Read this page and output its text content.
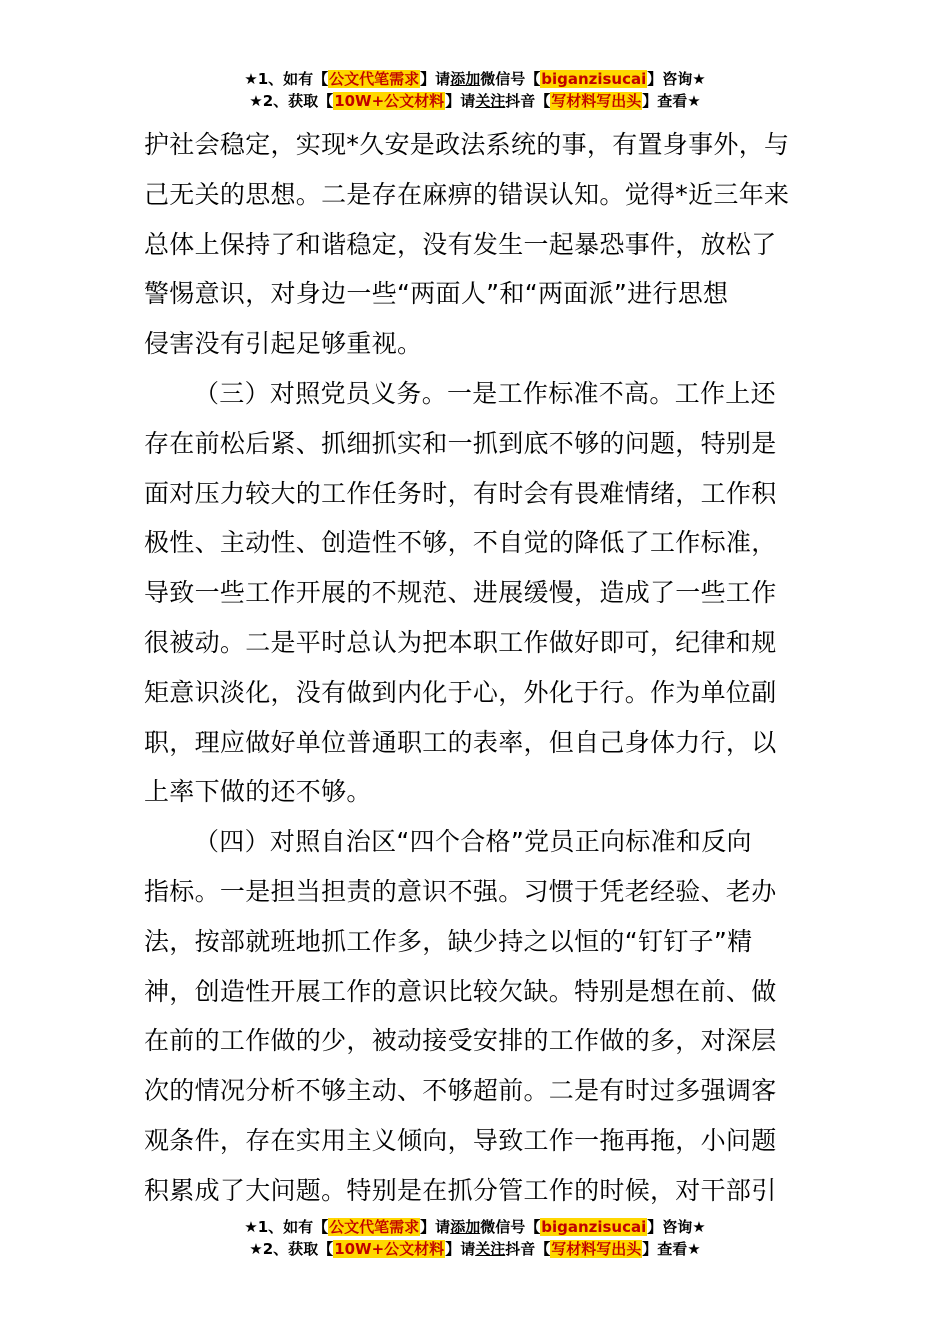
★1、如有【公文代笔需求】请添加微信号【biganzisucai】咨询★
★2、获取【10W+公文材料】请关注抖音【写材料写出头】查看★
护社会稳定，实现*久安是政法系统的事，有置身事外，与
己无关的思想。二是存在麻痹的错误认知。觉得*近三年来
总体上保持了和谐稳定，没有发生一起暴恐事件，放松了
警惕意识，对身边一些“两面人”和“两面派”进行思想
侵害没有引起足够重视。
（三）对照党员义务。一是工作标准不高。工作上还
存在前松后紧、抓细抓实和一抓到底不够的问题，特别是
面对压力较大的工作任务时，有时会有畏难情绪，工作积
极性、主动性、创造性不够，不自觉的降低了工作标准，
导致一些工作开展的不规范、进展缓慢，造成了一些工作
很被动。二是平时总认为把本职工作做好即可，纪律和规
矩意识淡化，没有做到内化于心，外化于行。作为单位副
职，理应做好单位普通职工的表率，但自己身体力行，以
上率下做的还不够。
（四）对照自治区“四个合格”党员正向标准和反向
指标。一是担当担责的意识不强。习惯于凭老经验、老办
法，按部就班地抓工作多，缺少持之以恒的“钉钉子”精
神，创造性开展工作的意识比较欠缺。特别是想在前、做
在前的工作做的少，被动接受安排的工作做的多，对深层
次的情况分析不够主动、不够超前。二是有时过多强调客
观条件，存在实用主义倾向，导致工作一拖再拖，小问题
积累成了大问题。特别是在抓分管工作的时候，对干部引
★1、如有【公文代笔需求】请添加微信号【biganzisucai】咨询★
★2、获取【10W+公文材料】请关注抖音【写材料写出头】查看★
